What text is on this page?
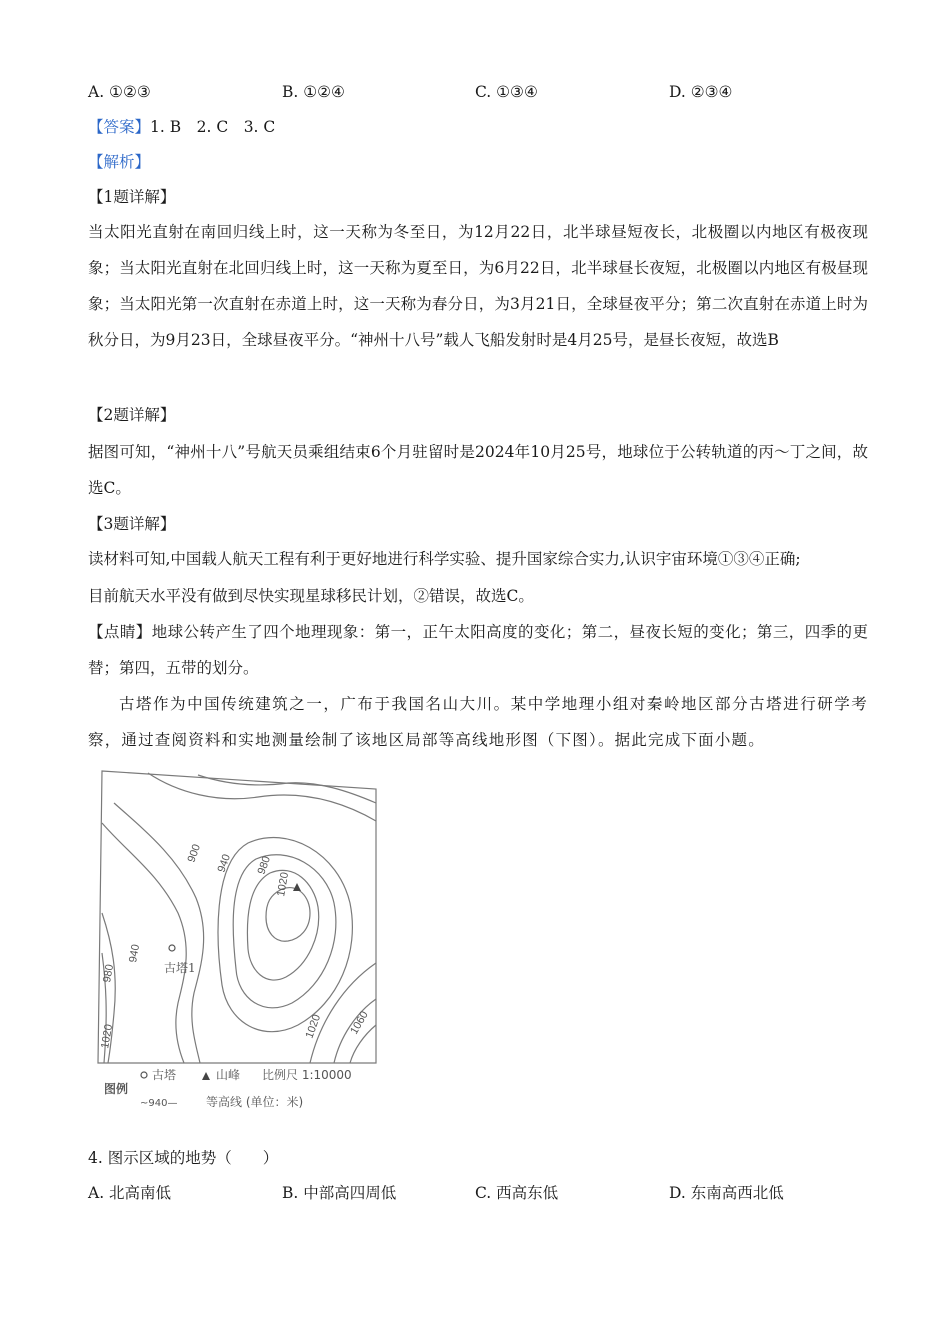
A. ①②③	B. ①②④	C. ①③④	D. ②③④
【答案】1. B　2. C　3. C
【解析】
【1题详解】
当太阳光直射在南回归线上时，这一天称为冬至日，为12月22日，北半球昼短夜长，北极圈以内地区有极夜现象；当太阳光直射在北回归线上时，这一天称为夏至日，为6月22日，北半球昼长夜短，北极圈以内地区有极昼现象；当太阳光第一次直射在赤道上时，这一天称为春分日，为3月21日，全球昼夜平分；第二次直射在赤道上时为秋分日，为9月23日，全球昼夜平分。“神州十八号”载人飞船发射时是4月25号，是昼长夜短，故选B
【2题详解】
据图可知，“神州十八”号航天员乘组结束6个月驻留时是2024年10月25号，地球位于公转轨道的丙～丁之间，故选C。
【3题详解】
读材料可知,中国载人航天工程有利于更好地进行科学实验、提升国家综合实力,认识宇宙环境①③④正确;
目前航天水平没有做到尽快实现星球移民计划，②错误，故选C。
【点睛】地球公转产生了四个地理现象：第一，正午太阳高度的变化；第二，昼夜长短的变化；第三，四季的更替；第四，五带的划分。
古塔作为中国传统建筑之一，广布于我国名山大川。某中学地理小组对秦岭地区部分古塔进行研学考察，通过查阅资料和实地测量绘制了该地区局部等高线地形图（下图）。据此完成下面小题。
900 940 980
1020
940
980
1020	1020 1060
古塔1
图例
古塔	山峰 比例尺 1:10000
~940— 等高线 (单位：米)
4. 图示区域的地势（　　）
A. 北高南低	B. 中部高四周低	C. 西高东低	D. 东南高西北低
